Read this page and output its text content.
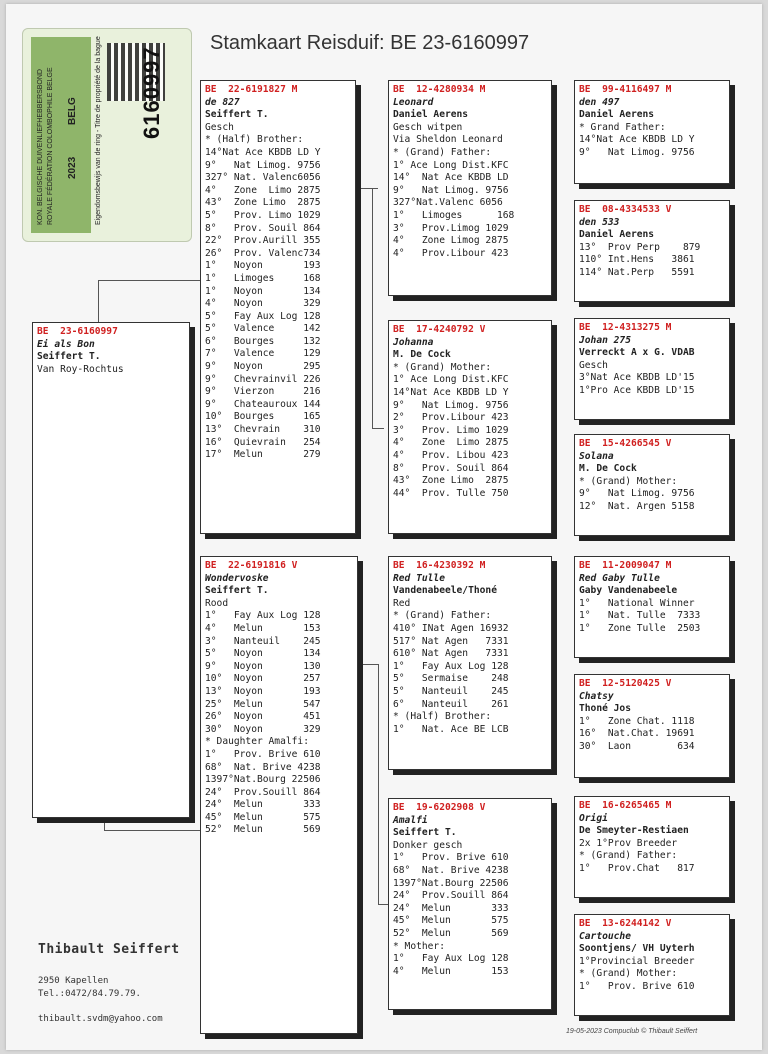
KON. BELGISCHE DUIVENLIEFHEBBERSBOND ROYALE FÉDÉRATION COLOMBOPHILE BELGE 2023
BELG Eigendomsbewijs van de ring - Titre de propriété de la bague 6160997
Stamkaart Reisduif: BE 23-6160997
BE  23-6160997
Ei als Bon
Seiffert T.
Van Roy-Rochtus
BE  22-6191827 M
de 827
Seiffert T.
Gesch
* (Half) Brother:
14°Nat Ace KBDB LD Y
9°   Nat Limog. 9756
327° Nat. Valenc6056
4°   Zone  Limo 2875
43°  Zone Limo  2875
5°   Prov. Limo 1029
8°   Prov. Souil 864
22°  Prov.Aurill 355
26°  Prov. Valenc734
1°   Noyon       193
1°   Limoges     168
1°   Noyon       134
4°   Noyon       329
5°   Fay Aux Log 128
5°   Valence     142
6°   Bourges     132
7°   Valence     129
9°   Noyon       295
9°   Chevrainvil 226
9°   Vierzon     216
9°   Chateauroux 144
10°  Bourges     165
13°  Chevrain    310
16°  Quievrain   254
17°  Melun       279
BE  22-6191816 V
Wondervoske
Seiffert T.
Rood
1°   Fay Aux Log 128
4°   Melun       153
3°   Nanteuil    245
5°   Noyon       134
9°   Noyon       130
10°  Noyon       257
13°  Noyon       193
25°  Melun       547
26°  Noyon       451
30°  Noyon       329
* Daughter Amalfi:
1°   Prov. Brive 610
68°  Nat. Brive 4238
1397°Nat.Bourg 22506
24°  Prov.Souill 864
24°  Melun       333
45°  Melun       575
52°  Melun       569
BE  12-4280934 M
Leonard
Daniel Aerens
Gesch witpen
Via Sheldon Leonard
* (Grand) Father:
1° Ace Long Dist.KFC
14°  Nat Ace KBDB LD
9°   Nat Limog. 9756
327°Nat.Valenc 6056
1°   Limoges      168
3°   Prov.Limog 1029
4°   Zone Limog 2875
4°   Prov.Libour 423
BE  17-4240792 V
Johanna
M. De Cock
* (Grand) Mother:
1° Ace Long Dist.KFC
14°Nat Ace KBDB LD Y
9°   Nat Limog. 9756
2°   Prov.Libour 423
3°   Prov. Limo 1029
4°   Zone  Limo 2875
4°   Prov. Libou 423
8°   Prov. Souil 864
43°  Zone Limo  2875
44°  Prov. Tulle 750
BE  16-4230392 M
Red Tulle
Vandenabeele/Thoné
Red
* (Grand) Father:
410° INat Agen 16932
517° Nat Agen   7331
610° Nat Agen   7331
1°   Fay Aux Log 128
5°   Sermaise    248
5°   Nanteuil    245
6°   Nanteuil    261
* (Half) Brother:
1°   Nat. Ace BE LCB
BE  19-6202908 V
Amalfi
Seiffert T.
Donker gesch
1°   Prov. Brive 610
68°  Nat. Brive 4238
1397°Nat.Bourg 22506
24°  Prov.Souill 864
24°  Melun       333
45°  Melun       575
52°  Melun       569
* Mother:
1°   Fay Aux Log 128
4°   Melun       153
BE  99-4116497 M
den 497
Daniel Aerens
* Grand Father:
14°Nat Ace KBDB LD Y
9°   Nat Limog. 9756
BE  08-4334533 V
den 533
Daniel Aerens
13°  Prov Perp    879
110° Int.Hens   3861
114° Nat.Perp   5591
BE  12-4313275 M
Johan 275
Verreckt A x G. VDAB
Gesch
3°Nat Ace KBDB LD'15
1°Pro Ace KBDB LD'15
BE  15-4266545 V
Solana
M. De Cock
* (Grand) Mother:
9°   Nat Limog. 9756
12°  Nat. Argen 5158
BE  11-2009047 M
Red Gaby Tulle
Gaby Vandenabeele
1°   National Winner
1°   Nat. Tulle  7333
1°   Zone Tulle  2503
BE  12-5120425 V
Chatsy
Thoné Jos
1°   Zone Chat. 1118
16°  Nat.Chat. 19691
30°  Laon        634
BE  16-6265465 M
Origi
De Smeyter-Restiaen
2x 1°Prov Breeder
* (Grand) Father:
1°   Prov.Chat   817
BE  13-6244142 V
Cartouche
Soontjens/ VH Uyterh
1°Provincial Breeder
* (Grand) Mother:
1°   Prov. Brive 610
Thibault Seiffert
2950 Kapellen
Tel.:0472/84.79.79.
thibault.svdm@yahoo.com
19-05-2023 Compuclub © Thibault Seiffert
